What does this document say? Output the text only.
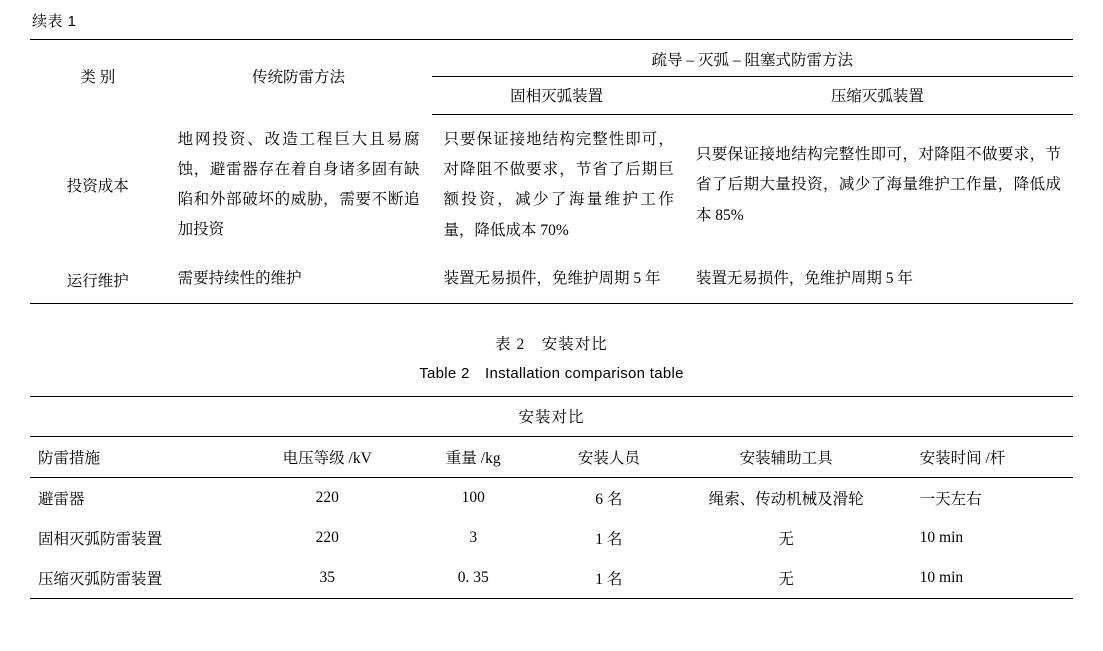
续表 1
类 别	传统防雷方法	疏导 – 灭弧 – 阻塞式防雷方法	
		固相灭弧装置	压缩灭弧装置
投资成本	地网投资、改造工程巨大且易腐蚀，避雷器存在着自身诸多固有缺陷和外部破坏的威胁，需要不断追加投资	只要保证接地结构完整性即可，对降阻不做要求，节省了后期巨额投资，减少了海量维护工作量，降低成本 70%	只要保证接地结构完整性即可，对降阻不做要求，节省了后期大量投资，减少了海量维护工作量，降低成本 85%
运行维护	需要持续性的维护	装置无易损件，免维护周期 5 年	装置无易损件，免维护周期 5 年
表 2　安装对比
Table 2　Installation comparison table
安装对比					
防雷措施	电压等级 /kV	重量 /kg	安装人员	安装辅助工具	安装时间 /杆
避雷器	220	100	6 名	绳索、传动机械及滑轮	一天左右
固相灭弧防雷装置	220	3	1 名	无	10 min
压缩灭弧防雷装置	35	0. 35	1 名	无	10 min
